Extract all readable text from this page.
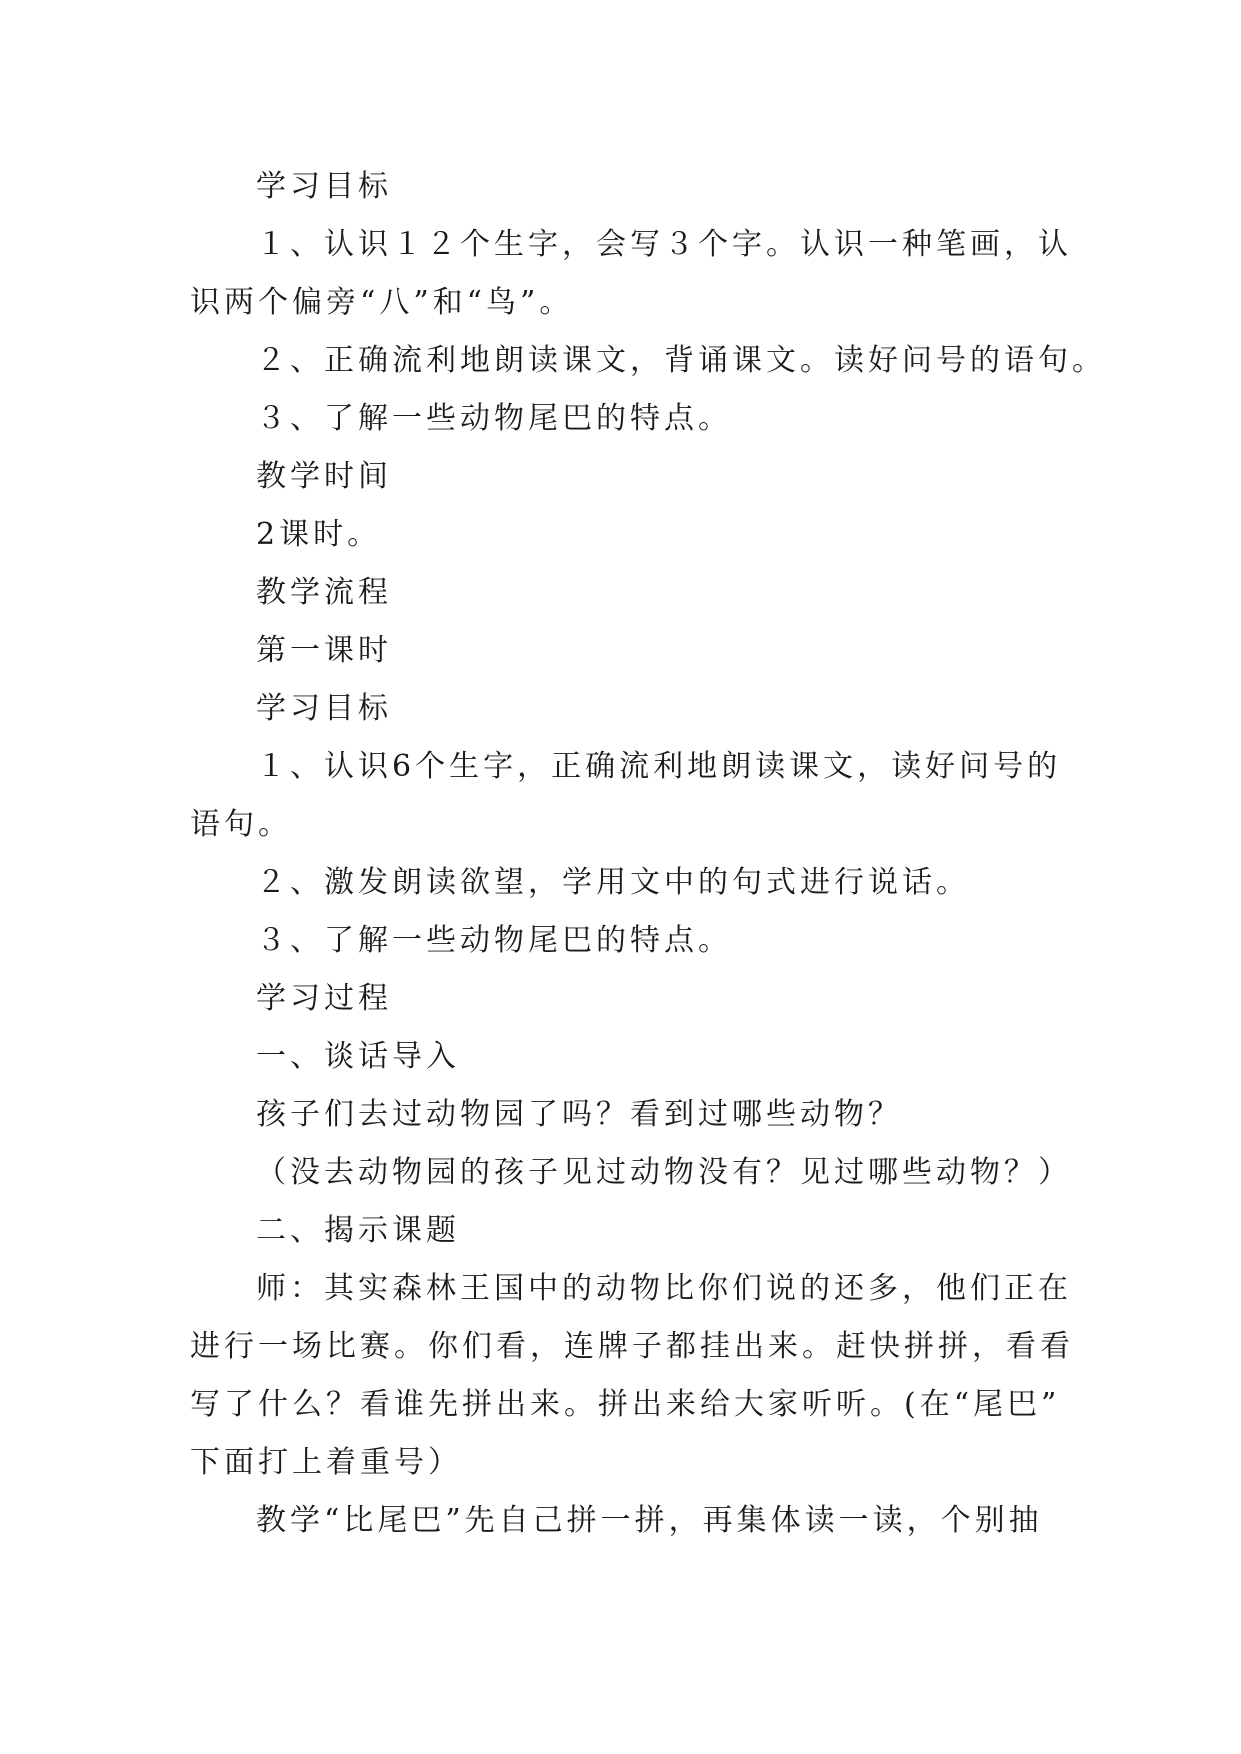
学习目标
１、认识１２个生字，会写３个字。认识一种笔画，认
识两个偏旁“八”和“鸟”。
２、正确流利地朗读课文，背诵课文。读好问号的语句。
３、了解一些动物尾巴的特点。
教学时间
2课时。
教学流程
第一课时
学习目标
１、认识6个生字，正确流利地朗读课文，读好问号的
语句。
２、激发朗读欲望，学用文中的句式进行说话。
３、了解一些动物尾巴的特点。
学习过程
一、谈话导入
孩子们去过动物园了吗？看到过哪些动物？
（没去动物园的孩子见过动物没有？见过哪些动物？）
二、揭示课题
师：其实森林王国中的动物比你们说的还多，他们正在
进行一场比赛。你们看，连牌子都挂出来。赶快拼拼，看看
写了什么？看谁先拼出来。拼出来给大家听听。(在“尾巴”
下面打上着重号）
教学“比尾巴”先自己拼一拼，再集体读一读，个别抽
